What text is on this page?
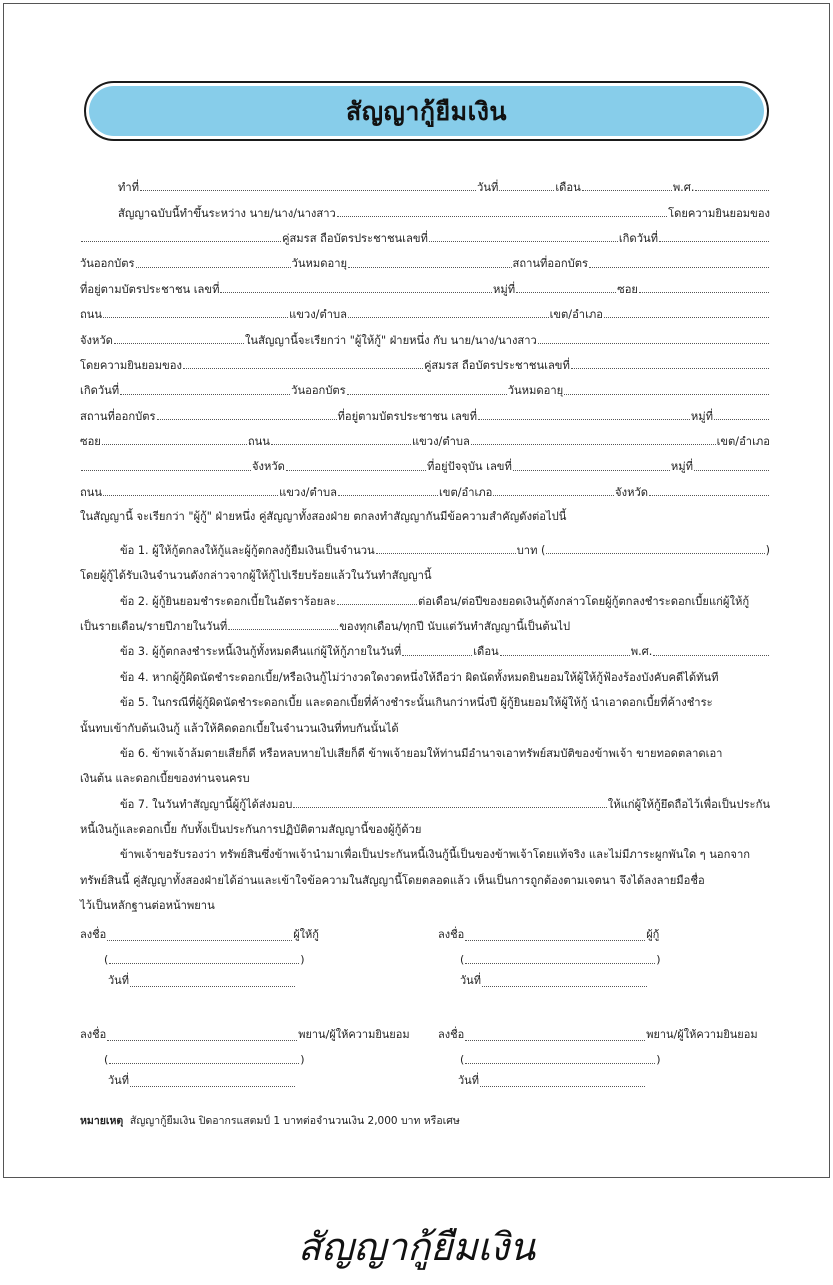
สัญญากู้ยืมเงิน
ทำที่	วันที่	เดือน	พ.ศ.
สัญญาฉบับนี้ทำขึ้นระหว่าง นาย/นาง/นางสาว	โดยความยินยอมของ
คู่สมรส ถือบัตรประชาชนเลขที่	เกิดวันที่
วันออกบัตร	วันหมดอายุ	สถานที่ออกบัตร
ที่อยู่ตามบัตรประชาชน เลขที่	หมู่ที่	ซอย
ถนน	แขวง/ตำบล	เขต/อำเภอ
จังหวัด	ในสัญญานี้จะเรียกว่า "ผู้ให้กู้" ฝ่ายหนึ่ง กับ นาย/นาง/นางสาว
โดยความยินยอมของ	คู่สมรส ถือบัตรประชาชนเลขที่
เกิดวันที่	วันออกบัตร	วันหมดอายุ
สถานที่ออกบัตร	ที่อยู่ตามบัตรประชาชน เลขที่	หมู่ที่
ซอย	ถนน	แขวง/ตำบล	เขต/อำเภอ
จังหวัด	ที่อยู่ปัจจุบัน เลขที่	หมู่ที่
ถนน	แขวง/ตำบล	เขต/อำเภอ	จังหวัด
ในสัญญานี้ จะเรียกว่า "ผู้กู้" ฝ่ายหนึ่ง คู่สัญญาทั้งสองฝ่าย ตกลงทำสัญญากันมีข้อความสำคัญดังต่อไปนี้
ข้อ 1. ผู้ให้กู้ตกลงให้กู้และผู้กู้ตกลงกู้ยืมเงินเป็นจำนวน	บาท (	)
โดยผู้กู้ได้รับเงินจำนวนดังกล่าวจากผู้ให้กู้ไปเรียบร้อยแล้วในวันทำสัญญานี้
ข้อ 2. ผู้กู้ยินยอมชำระดอกเบี้ยในอัตราร้อยละ	ต่อเดือน/ต่อปีของยอดเงินกู้ดังกล่าวโดยผู้กู้ตกลงชำระดอกเบี้ยแก่ผู้ให้กู้
เป็นรายเดือน/รายปีภายในวันที่	ของทุกเดือน/ทุกปี นับแต่วันทำสัญญานี้เป็นต้นไป
ข้อ 3. ผู้กู้ตกลงชำระหนี้เงินกู้ทั้งหมดคืนแก่ผู้ให้กู้ภายในวันที่	เดือน	พ.ศ.
ข้อ 4. หากผู้กู้ผิดนัดชำระดอกเบี้ย/หรือเงินกู้ไม่ว่างวดใดงวดหนึ่งให้ถือว่า ผิดนัดทั้งหมดยินยอมให้ผู้ให้กู้ฟ้องร้องบังคับคดีได้ทันที
ข้อ 5. ในกรณีที่ผู้กู้ผิดนัดชำระดอกเบี้ย และดอกเบี้ยที่ค้างชำระนั้นเกินกว่าหนึ่งปี ผู้กู้ยินยอมให้ผู้ให้กู้ นำเอาดอกเบี้ยที่ค้างชำระ
นั้นทบเข้ากับต้นเงินกู้ แล้วให้คิดดอกเบี้ยในจำนวนเงินที่ทบกันนั้นได้
ข้อ 6. ข้าพเจ้าล้มตายเสียก็ดี หรือหลบหายไปเสียก็ดี ข้าพเจ้ายอมให้ท่านมีอำนาจเอาทรัพย์สมบัติของข้าพเจ้า ขายทอดตลาดเอา
เงินต้น และดอกเบี้ยของท่านจนครบ
ข้อ 7. ในวันทำสัญญานี้ผู้กู้ได้ส่งมอบ	ให้แก่ผู้ให้กู้ยึดถือไว้เพื่อเป็นประกัน
หนี้เงินกู้และดอกเบี้ย กับทั้งเป็นประกันการปฏิบัติตามสัญญานี้ของผู้กู้ด้วย
ข้าพเจ้าขอรับรองว่า ทรัพย์สินซึ่งข้าพเจ้านำมาเพื่อเป็นประกันหนี้เงินกู้นี้เป็นของข้าพเจ้าโดยแท้จริง และไม่มีภาระผูกพันใด ๆ นอกจาก
ทรัพย์สินนี้ คู่สัญญาทั้งสองฝ่ายได้อ่านและเข้าใจข้อความในสัญญานี้โดยตลอดแล้ว เห็นเป็นการถูกต้องตามเจตนา จึงได้ลงลายมือชื่อ
ไว้เป็นหลักฐานต่อหน้าพยาน
ลงชื่อ	ผู้ให้กู้
(	)
วันที่
ลงชื่อ	ผู้กู้
(	)
วันที่
ลงชื่อ	พยาน/ผู้ให้ความยินยอม
(	)
วันที่
ลงชื่อ	พยาน/ผู้ให้ความยินยอม
(	)
วันที่
หมายเหตุ สัญญากู้ยืมเงิน ปิดอากรแสตมป์ 1 บาทต่อจำนวนเงิน 2,000 บาท หรือเศษ
สัญญากู้ยืมเงิน
